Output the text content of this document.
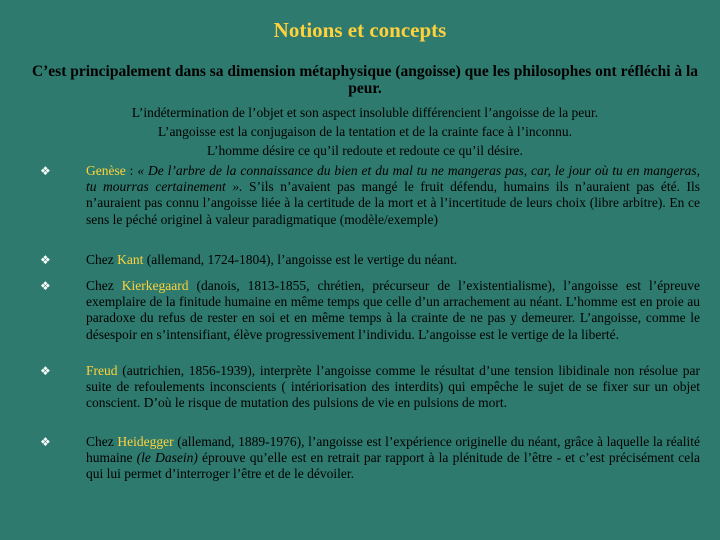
Notions et concepts
C’est principalement dans sa dimension métaphysique (angoisse) que les philosophes ont réfléchi à la peur.
L’indétermination de l’objet et son aspect insoluble différencient l’angoisse de la peur.
L’angoisse est la conjugaison de la tentation et de la crainte face à l’inconnu.
L’homme désire ce qu’il redoute et redoute ce qu’il désire.
❖	Genèse : « De l’arbre de la connaissance du bien et du mal tu ne mangeras pas, car, le jour où tu en mangeras, tu mourras certainement ». S’ils n’avaient pas mangé le fruit défendu, humains ils n’auraient pas été. Ils n’auraient pas connu l’angoisse liée à la certitude de la mort et à l’incertitude de leurs choix (libre arbitre). En ce sens le péché originel à valeur paradigmatique (modèle/exemple)
❖	Chez Kant (allemand, 1724-1804), l’angoisse est le vertige du néant.
❖	Chez Kierkegaard (danois, 1813-1855, chrétien, précurseur de l’existentialisme), l’angoisse est l’épreuve exemplaire de la finitude humaine en même temps que celle d’un arrachement au néant. L’homme est en proie au paradoxe du refus de rester en soi et en même temps à la crainte de ne pas y demeurer. L’angoisse, comme le désespoir en s’intensifiant, élève progressivement l’individu. L’angoisse est le vertige de la liberté.
❖	Freud (autrichien, 1856-1939), interprète l’angoisse comme le résultat d’une tension libidinale non résolue par suite de refoulements inconscients ( intériorisation des interdits) qui empêche le sujet de se fixer sur un objet conscient. D’où le risque de mutation des pulsions de vie en pulsions de mort.
❖	Chez Heidegger (allemand, 1889-1976), l’angoisse est l’expérience originelle du néant, grâce à laquelle la réalité humaine (le Dasein) éprouve qu’elle est en retrait par rapport à la plénitude de l’être - et c’est précisément cela qui lui permet d’interroger l’être et de le dévoiler.
